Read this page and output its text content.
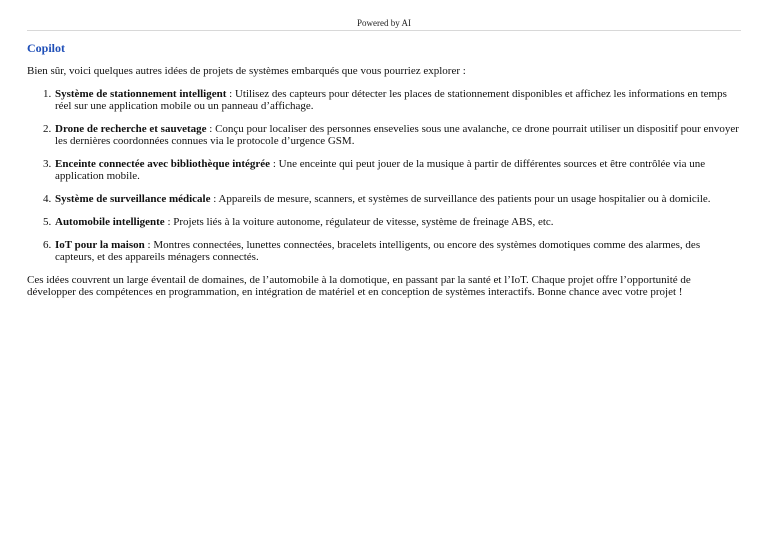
Powered by AI
Copilot
Bien sûr, voici quelques autres idées de projets de systèmes embarqués que vous pourriez explorer :
1. Système de stationnement intelligent : Utilisez des capteurs pour détecter les places de stationnement disponibles et affichez les informations en temps réel sur une application mobile ou un panneau d’affichage.
2. Drone de recherche et sauvetage : Conçu pour localiser des personnes ensevelies sous une avalanche, ce drone pourrait utiliser un dispositif pour envoyer les dernières coordonnées connues via le protocole d’urgence GSM.
3. Enceinte connectée avec bibliothèque intégrée : Une enceinte qui peut jouer de la musique à partir de différentes sources et être contrôlée via une application mobile.
4. Système de surveillance médicale : Appareils de mesure, scanners, et systèmes de surveillance des patients pour un usage hospitalier ou à domicile.
5. Automobile intelligente : Projets liés à la voiture autonome, régulateur de vitesse, système de freinage ABS, etc.
6. IoT pour la maison : Montres connectées, lunettes connectées, bracelets intelligents, ou encore des systèmes domotiques comme des alarmes, des capteurs, et des appareils ménagers connectés.
Ces idées couvrent un large éventail de domaines, de l’automobile à la domotique, en passant par la santé et l’IoT. Chaque projet offre l’opportunité de développer des compétences en programmation, en intégration de matériel et en conception de systèmes interactifs. Bonne chance avec votre projet !
